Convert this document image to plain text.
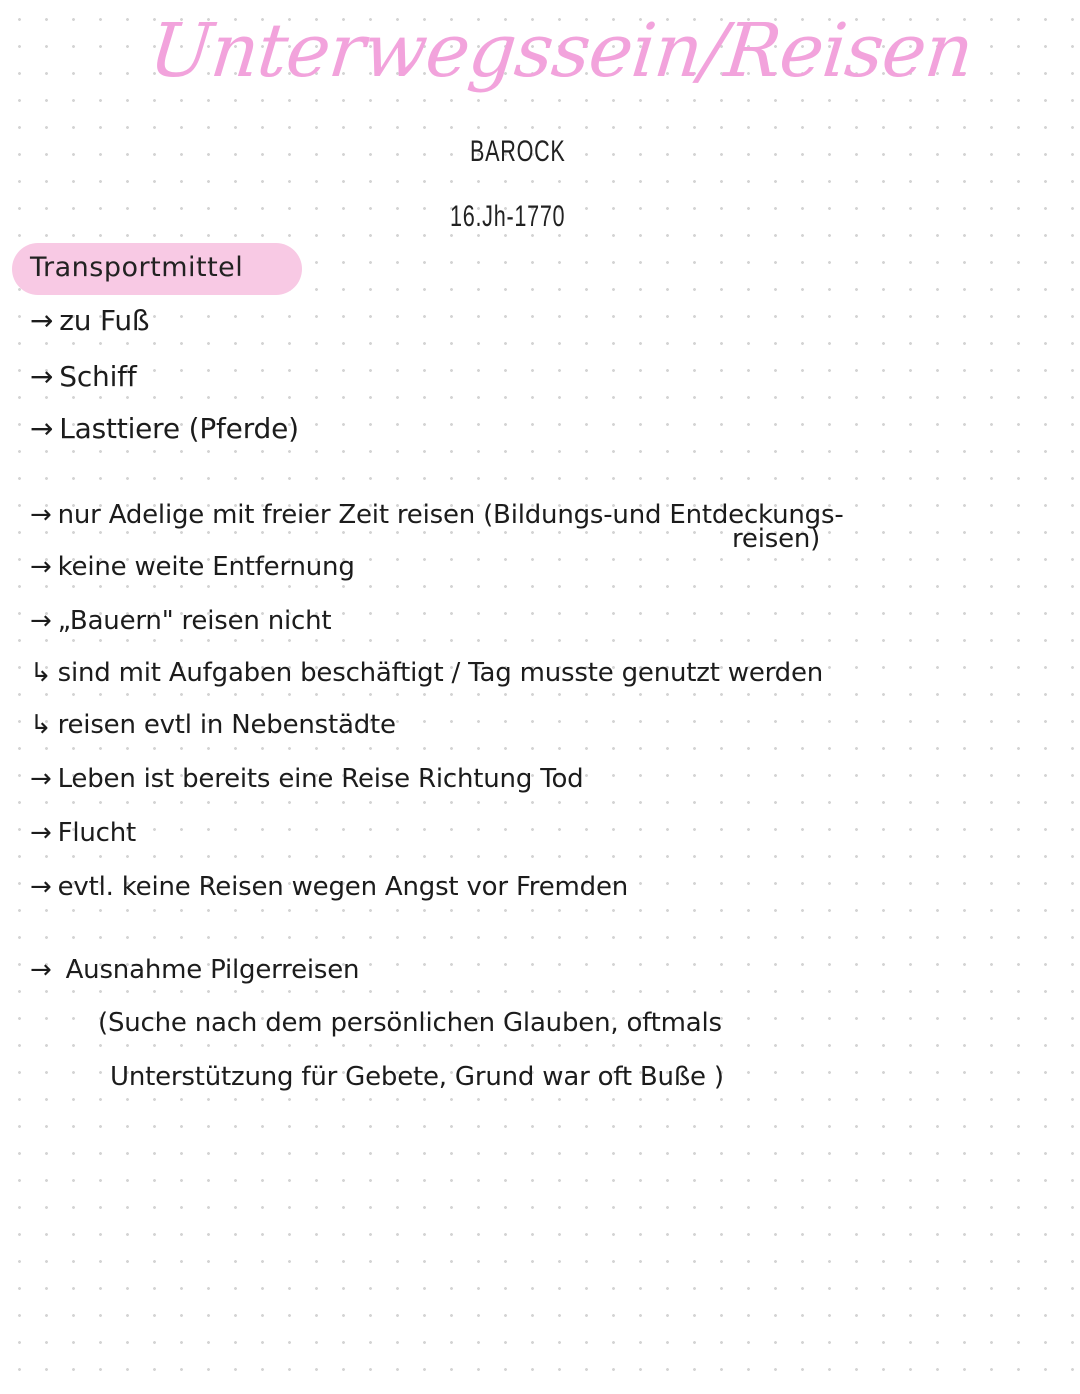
Unterwegssein/Reisen
BAROCK
16.Jh-1770
Transportmittel
→ zu Fuß
→ Schiff
→ Lasttiere (Pferde)
→ nur Adelige mit freier Zeit reisen (Bildungs-und Entdeckungs-
reisen)
→ keine weite Entfernung
→ „Bauern" reisen nicht
↳ sind mit Aufgaben beschäftigt / Tag musste genutzt werden
↳ reisen evtl in Nebenstädte
→ Leben ist bereits eine Reise Richtung Tod
→ Flucht
→ evtl. keine Reisen wegen Angst vor Fremden
→ Ausnahme Pilgerreisen
(Suche nach dem persönlichen Glauben, oftmals
Unterstützung für Gebete, Grund war oft Buße )
